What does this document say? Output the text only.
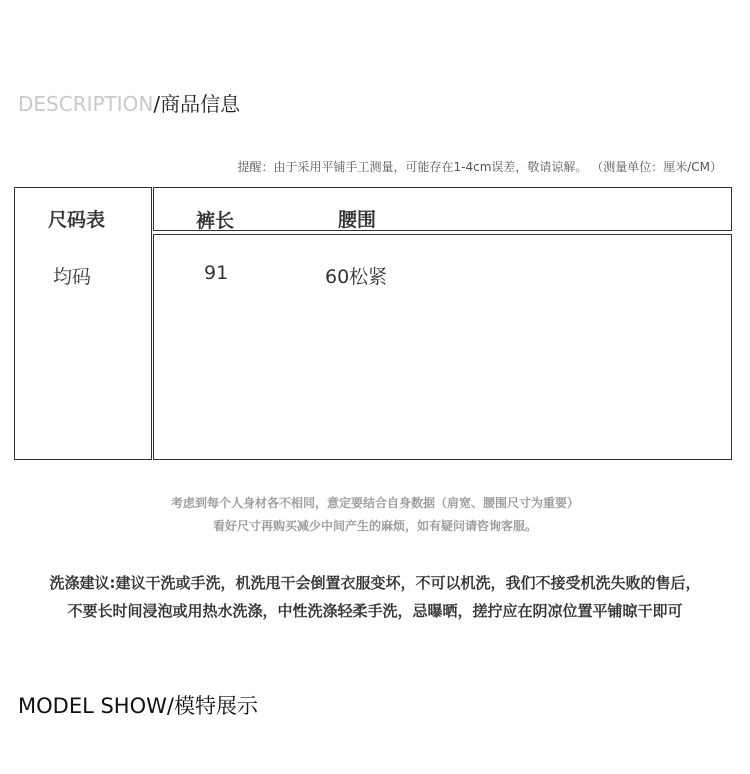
DESCRIPTION/商品信息
提醒：由于采用平铺手工测量，可能存在1-4cm误差，敬请谅解。 （测量单位：厘米/CM）
尺码表
均码
裤长	腰围
91	60松紧
考虑到每个人身材各不相同，意定要结合自身数据（肩宽、腰围尺寸为重要）
看好尺寸再购买减少中间产生的麻烦，如有疑问请咨询客服。
洗涤建议:建议干洗或手洗，机洗甩干会倒置衣服变坏，不可以机洗，我们不接受机洗失败的售后，
不要长时间浸泡或用热水洗涤，中性洗涤轻柔手洗，忌曝晒，搓拧应在阴凉位置平铺晾干即可
MODEL SHOW/模特展示
